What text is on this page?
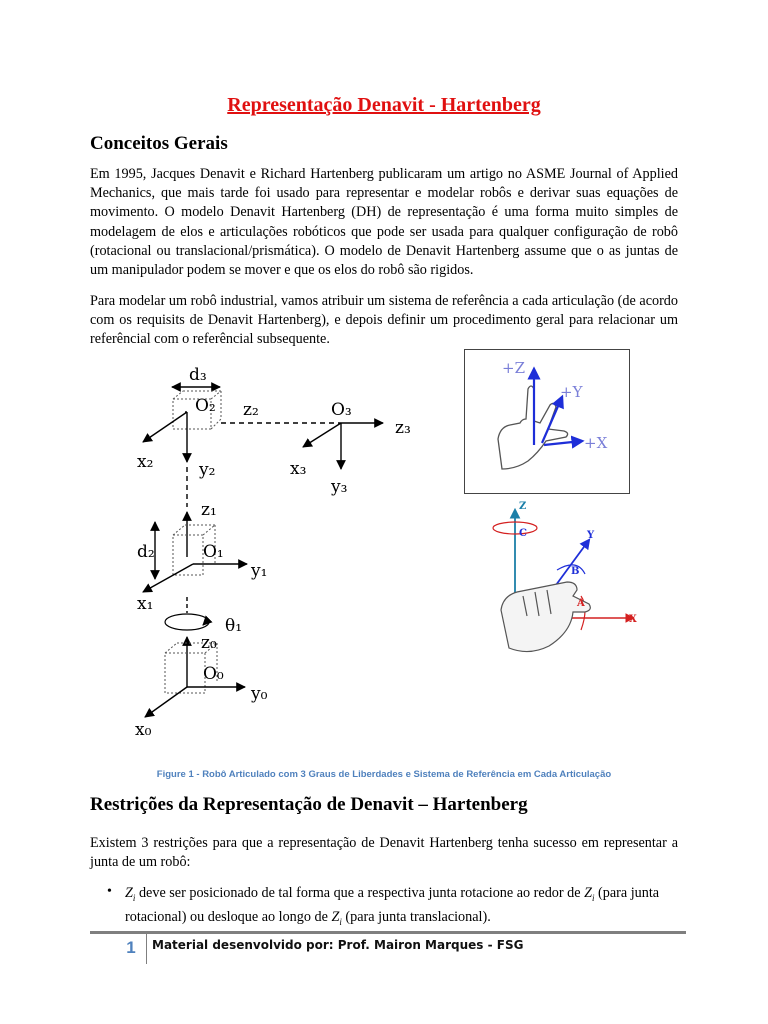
Representação Denavit - Hartenberg
Conceitos Gerais
Em 1995, Jacques Denavit e Richard Hartenberg publicaram um artigo no ASME Journal of Applied Mechanics, que mais tarde foi usado para representar e modelar robôs e derivar suas equações de movimento. O modelo Denavit Hartenberg (DH) de representação é uma forma muito simples de modelagem de elos e articulações robóticos que pode ser usada para qualquer configuração de robô (rotacional ou translacional/prismática). O modelo de Denavit Hartenberg assume que o as juntas de um manipulador podem se mover e que os elos do robô são rigidos.
Para modelar um robô industrial, vamos atribuir um sistema de referência a cada articulação (de acordo com os requisits de Denavit Hartenberg), e depois definir um procedimento geral para relacionar um referêncial com o referêncial subsequente.
d₃
O₂ z₂
x₂	y₂
O₃
z₃
x₃
y₃
z₁
d₂	O₁
y₁
x₁
θ₁
z₀
O₀
y₀
x₀
+Z
+Y
+X
Z
Y
X
A
B
C
Figure 1 - Robô Articulado com 3 Graus de Liberdades e Sistema de Referência em Cada Articulação
Restrições da Representação de Denavit – Hartenberg
Existem 3 restrições para que a representação de Denavit Hartenberg tenha sucesso em representar a junta de um robô:
• $Z_i$ deve ser posicionado de tal forma que a respectiva junta rotacione ao redor de $Z_i$ (para junta rotacional) ou desloque ao longo de $Z_i$ (para junta translacional).
1	Material desenvolvido por: Prof. Mairon Marques - FSG
